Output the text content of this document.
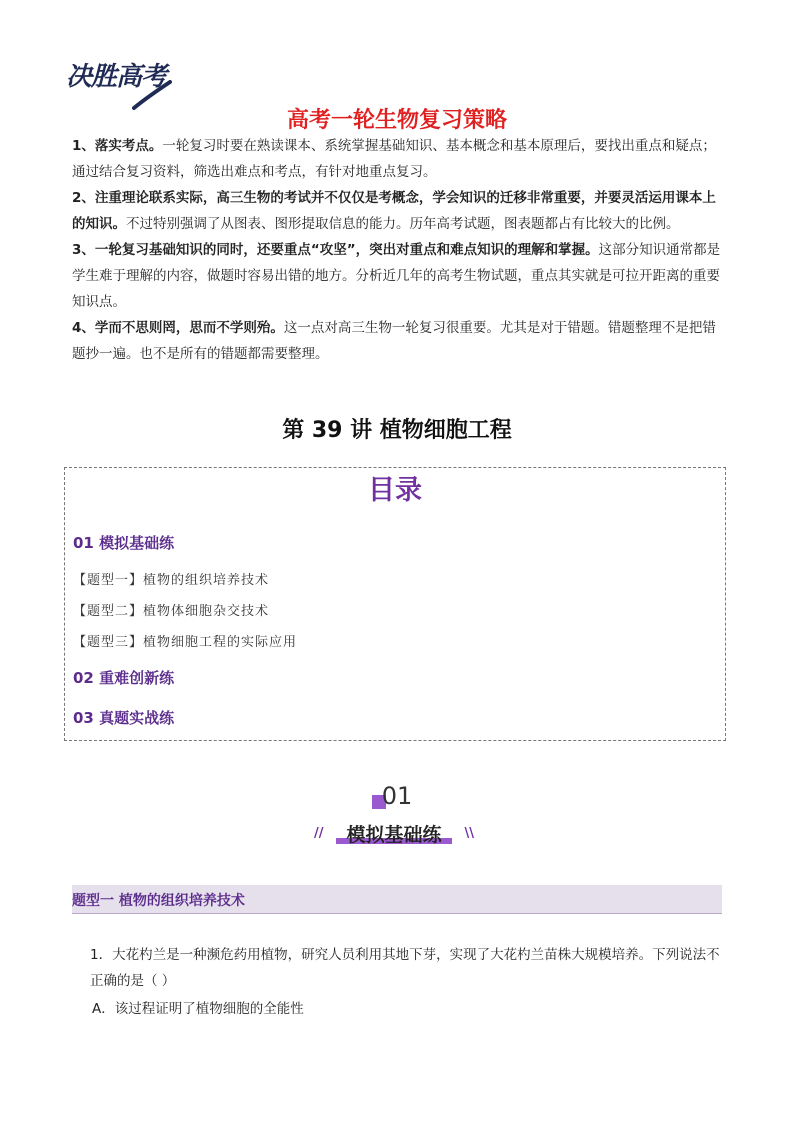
决胜高考
高考一轮生物复习策略

1、落实考点。一轮复习时要在熟读课本、系统掌握基础知识、基本概念和基本原理后，要找出重点和疑点；通过结合复习资料，筛选出难点和考点，有针对地重点复习。

2、注重理论联系实际，高三生物的考试并不仅仅是考概念，学会知识的迁移非常重要，并要灵活运用课本上的知识。不过特别强调了从图表、图形提取信息的能力。历年高考试题，图表题都占有比较大的比例。

3、一轮复习基础知识的同时，还要重点“攻坚”，突出对重点和难点知识的理解和掌握。这部分知识通常都是学生难于理解的内容，做题时容易出错的地方。分析近几年的高考生物试题，重点其实就是可拉开距离的重要知识点。

4、学而不思则罔，思而不学则殆。这一点对高三生物一轮复习很重要。尤其是对于错题。错题整理不是把错题抄一遍。也不是所有的错题都需要整理。

第 39 讲 植物细胞工程
目录
01 模拟基础练
【题型一】植物的组织培养技术
【题型二】植物体细胞杂交技术
【题型三】植物细胞工程的实际应用
02 重难创新练
03 真题实战练
01
//	模拟基础练	\\
题型一 植物的组织培养技术

1．大花杓兰是一种濒危药用植物，研究人员利用其地下芽，实现了大花杓兰苗株大规模培养。下列说法不

正确的是（ ）

A．该过程证明了植物细胞的全能性
